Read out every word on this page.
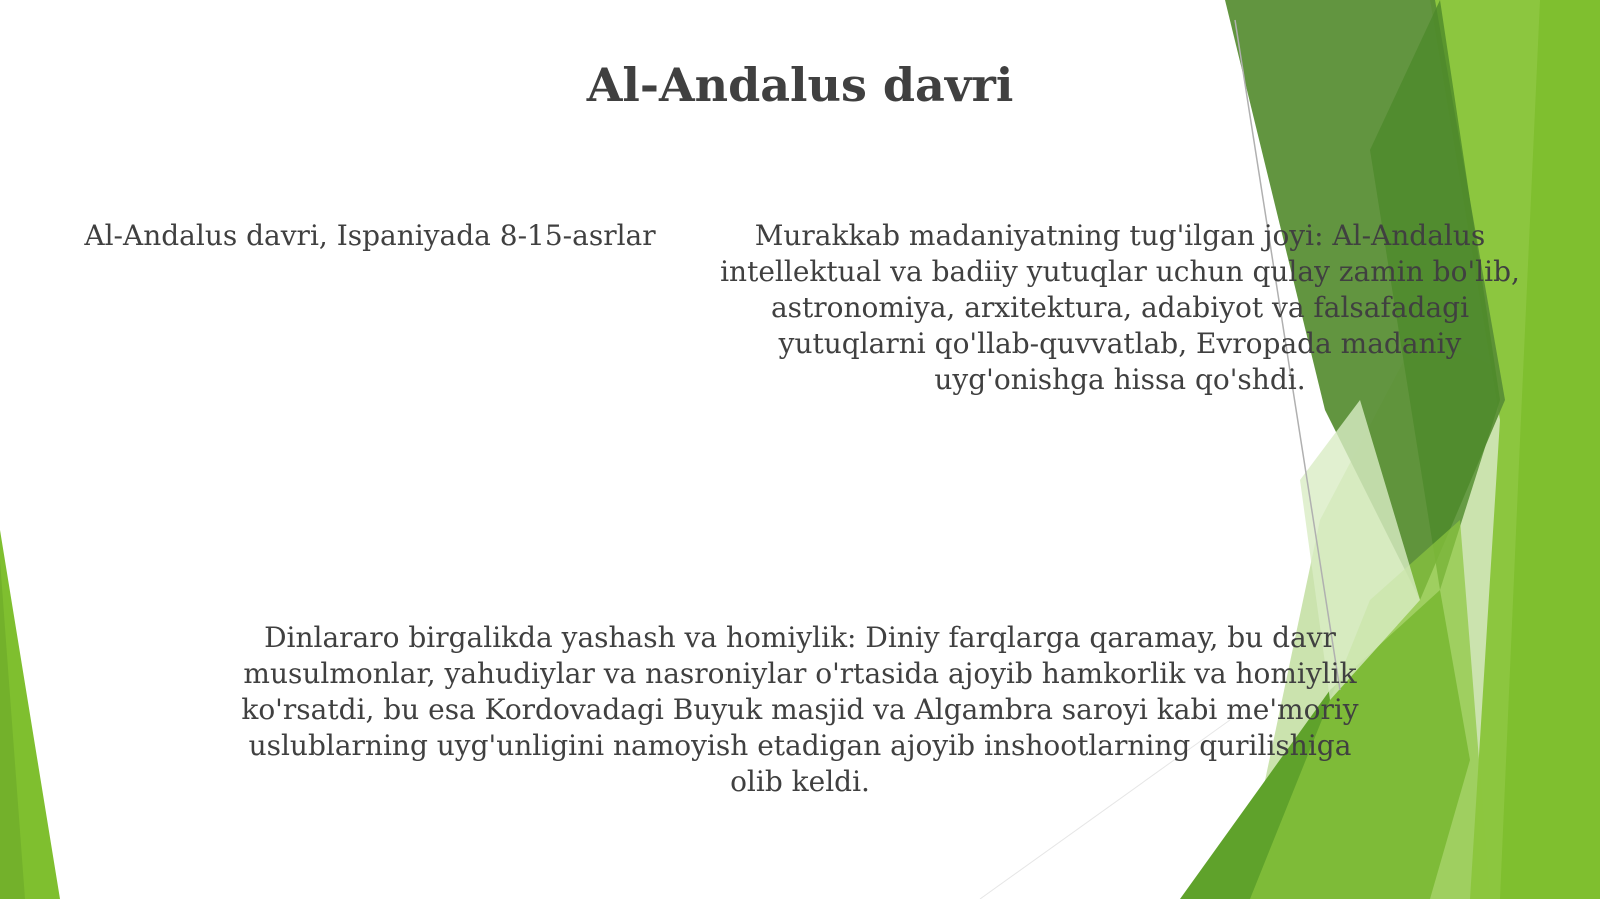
Al-Andalus davri
Al-Andalus davri, Ispaniyada 8-15-asrlar	Murakkab madaniyatning tug'ilgan joyi: Al-Andalus intellektual va badiiy yutuqlar uchun qulay zamin bo'lib, astronomiya, arxitektura, adabiyot va falsafadagi yutuqlarni qo'llab-quvvatlab, Evropada madaniy uyg'onishga hissa qo'shdi.
Dinlararo birgalikda yashash va homiylik: Diniy farqlarga qaramay, bu davr musulmonlar, yahudiylar va nasroniylar o'rtasida ajoyib hamkorlik va homiylik ko'rsatdi, bu esa Kordovadagi Buyuk masjid va Algambra saroyi kabi me'moriy uslublarning uyg'unligini namoyish etadigan ajoyib inshootlarning qurilishiga olib keldi.
